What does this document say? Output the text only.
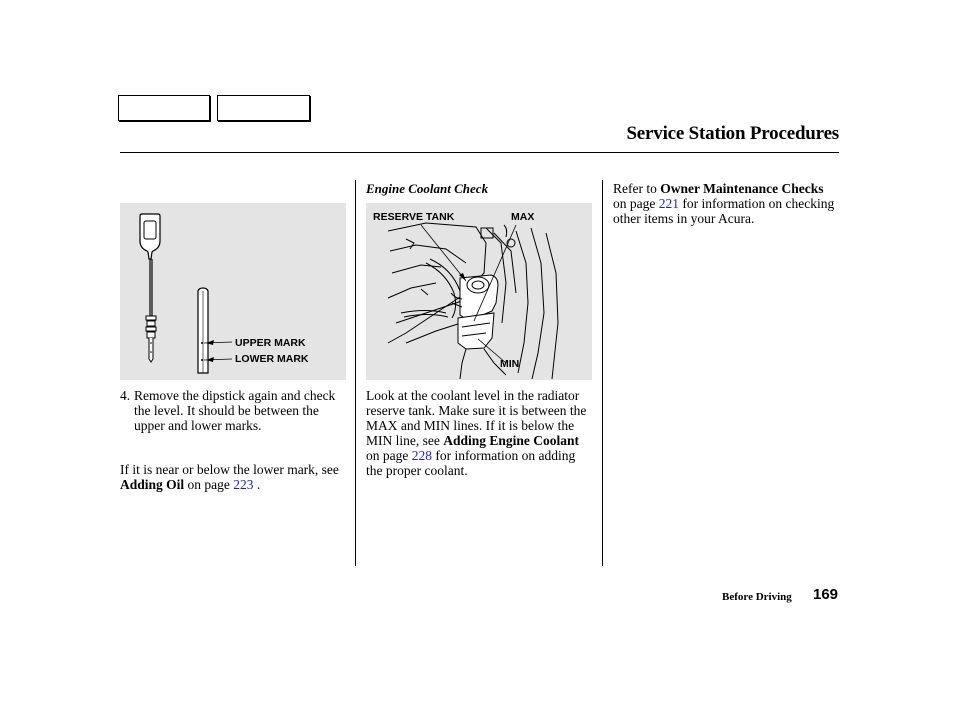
Service Station Procedures
UPPER MARK
LOWER MARK
4. Remove the dipstick again and check the level. It should be between the upper and lower marks.
If it is near or below the lower mark, see Adding Oil on page 223 .
Engine Coolant Check
RESERVE TANK	MAX
MIN
Look at the coolant level in the radiator reserve tank. Make sure it is between the MAX and MIN lines. If it is below the MIN line, see Adding Engine Coolant on page 228 for information on adding the proper coolant.
Refer to Owner Maintenance Checks on page 221 for information on checking other items in your Acura.
Before Driving 169
